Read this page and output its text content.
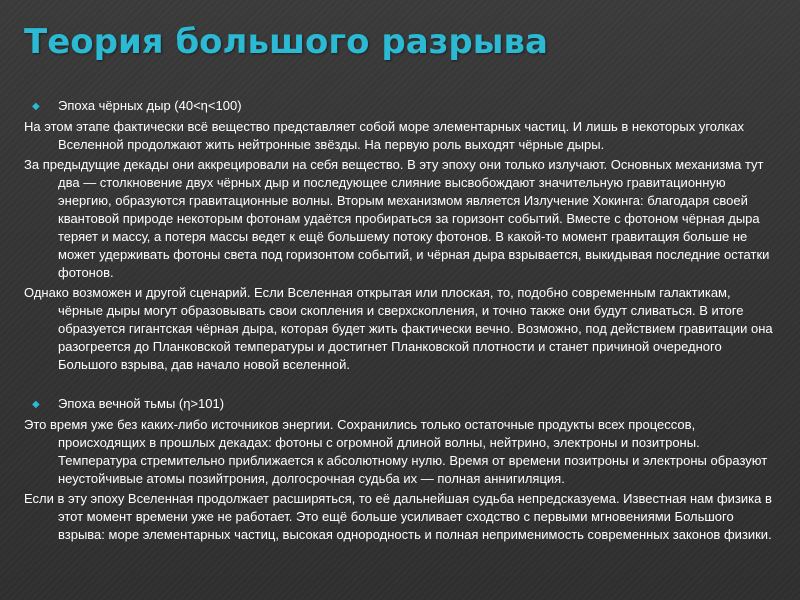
Теория большого разрыва
◆ Эпоха чёрных дыр (40<η<100)
На этом этапе фактически всё вещество представляет собой море элементарных частиц. И лишь в некоторых уголках Вселенной продолжают жить нейтронные звёзды. На первую роль выходят чёрные дыры.
За предыдущие декады они аккрецировали на себя вещество. В эту эпоху они только излучают. Основных механизма тут два — столкновение двух чёрных дыр и последующее слияние высвобождают значительную гравитационную энергию, образуются гравитационные волны. Вторым механизмом является Излучение Хокинга: благодаря своей квантовой природе некоторым фотонам удаётся пробираться за горизонт событий. Вместе с фотоном чёрная дыра теряет и массу, а потеря массы ведет к ещё большему потоку фотонов. В какой-то момент гравитация больше не может удерживать фотоны света под горизонтом событий, и чёрная дыра взрывается, выкидывая последние остатки фотонов.
Однако возможен и другой сценарий. Если Вселенная открытая или плоская, то, подобно современным галактикам, чёрные дыры могут образовывать свои скопления и сверхскопления, и точно также они будут сливаться. В итоге образуется гигантская чёрная дыра, которая будет жить фактически вечно. Возможно, под действием гравитации она разогреется до Планковской температуры и достигнет Планковской плотности и станет причиной очередного Большого взрыва, дав начало новой вселенной.
◆ Эпоха вечной тьмы (η>101)
Это время уже без каких-либо источников энергии. Сохранились только остаточные продукты всех процессов, происходящих в прошлых декадах: фотоны с огромной длиной волны, нейтрино, электроны и позитроны. Температура стремительно приближается к абсолютному нулю. Время от времени позитроны и электроны образуют неустойчивые атомы позийтрония, долгосрочная судьба их — полная аннигиляция.
Если в эту эпоху Вселенная продолжает расширяться, то её дальнейшая судьба непредсказуема. Известная нам физика в этот момент времени уже не работает. Это ещё больше усиливает сходство с первыми мгновениями Большого взрыва: море элементарных частиц, высокая однородность и полная неприменимость современных законов физики.
